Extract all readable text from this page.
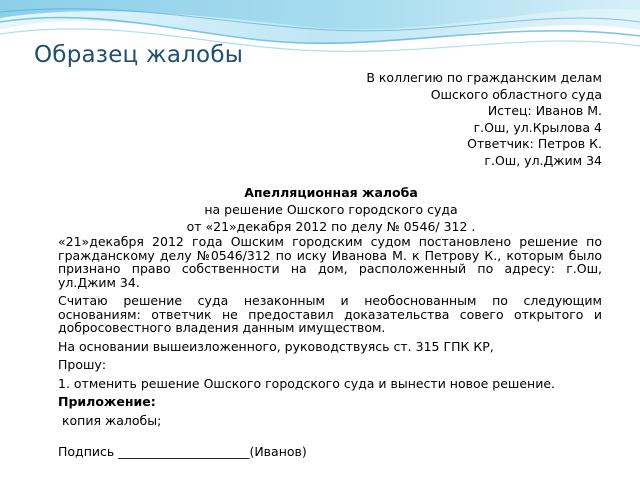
Образец жалобы
В коллегию по гражданским делам
Ошского областного суда
Истец: Иванов М.
г.Ош, ул.Крылова 4
Ответчик: Петров К.
г.Ош, ул.Джим 34
Апелляционная жалоба
на решение Ошского городского суда
от «21»декабря 2012 по делу № 0546/ 312 .

«21»декабря 2012 года Ошским городским судом постановлено решение по гражданскому делу №0546/312 по иску Иванова М. к Петрову К., которым было признано право собственности на дом, расположенный по адресу: г.Ош, ул.Джим 34.

Считаю решение суда незаконным и необоснованным по следующим основаниям: ответчик не предоставил доказательства совего открытого и добросовестного владения данным имуществом.

На основании вышеизложенного, руководствуясь ст. 315 ГПК КР,

Прошу:

1. отменить решение Ошского городского суда и вынести новое решение.

Приложение:

копия жалобы;

Подпись _____________________(Иванов)
